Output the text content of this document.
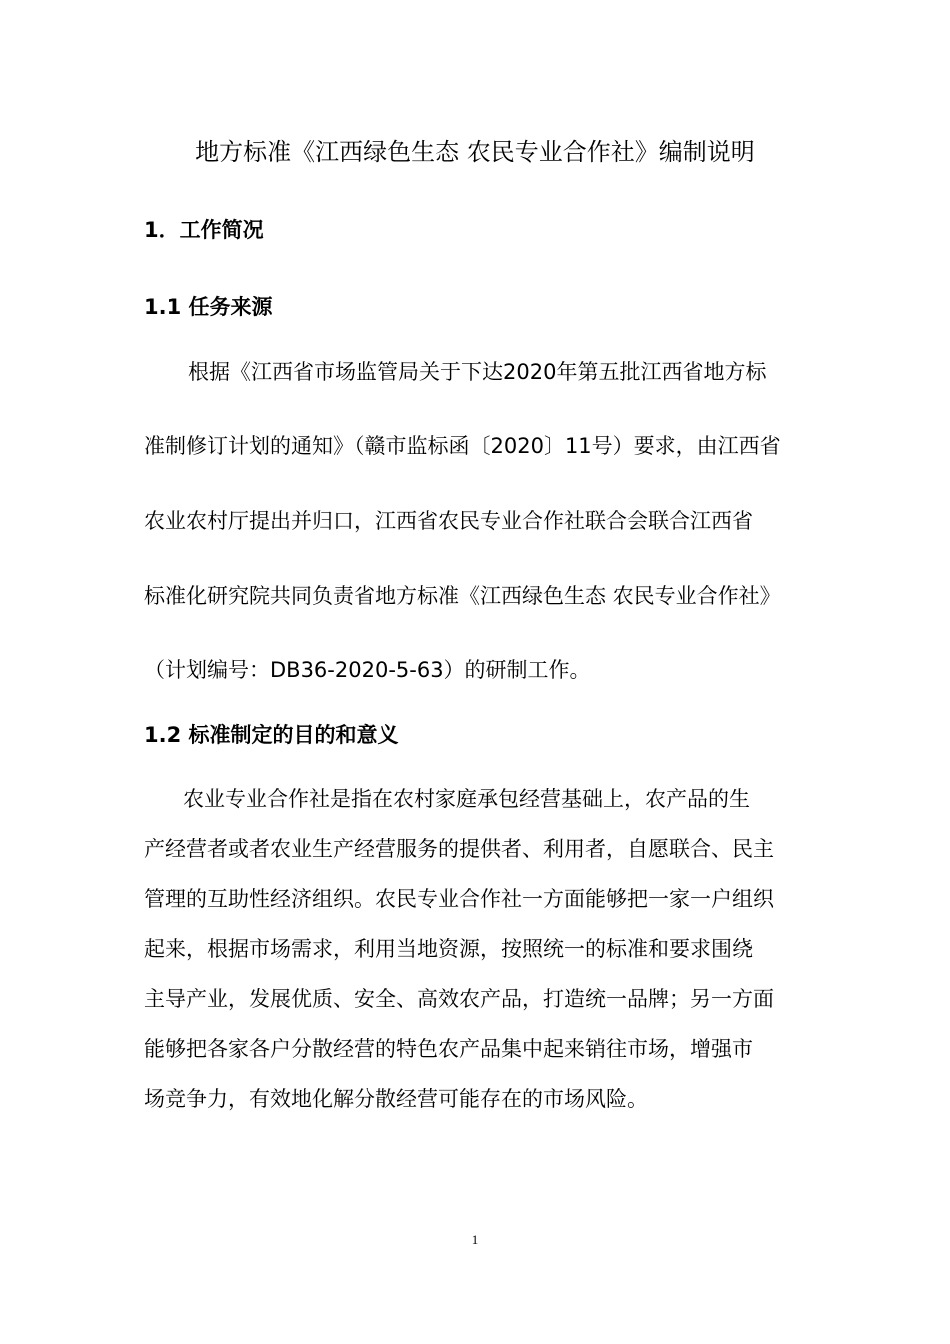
地方标准《江西绿色生态 农民专业合作社》编制说明
1．工作简况
1.1 任务来源
根据《江西省市场监管局关于下达2020年第五批江西省地方标
准制修订计划的通知》（赣市监标函〔2020〕11号）要求，由江西省
农业农村厅提出并归口，江西省农民专业合作社联合会联合江西省
标准化研究院共同负责省地方标准《江西绿色生态 农民专业合作社》
（计划编号：DB36-2020-5-63）的研制工作。
1.2 标准制定的目的和意义
农业专业合作社是指在农村家庭承包经营基础上，农产品的生
产经营者或者农业生产经营服务的提供者、利用者，自愿联合、民主
管理的互助性经济组织。农民专业合作社一方面能够把一家一户组织
起来，根据市场需求，利用当地资源，按照统一的标准和要求围绕
主导产业，发展优质、安全、高效农产品，打造统一品牌；另一方面
能够把各家各户分散经营的特色农产品集中起来销往市场，增强市
场竞争力，有效地化解分散经营可能存在的市场风险。
1
